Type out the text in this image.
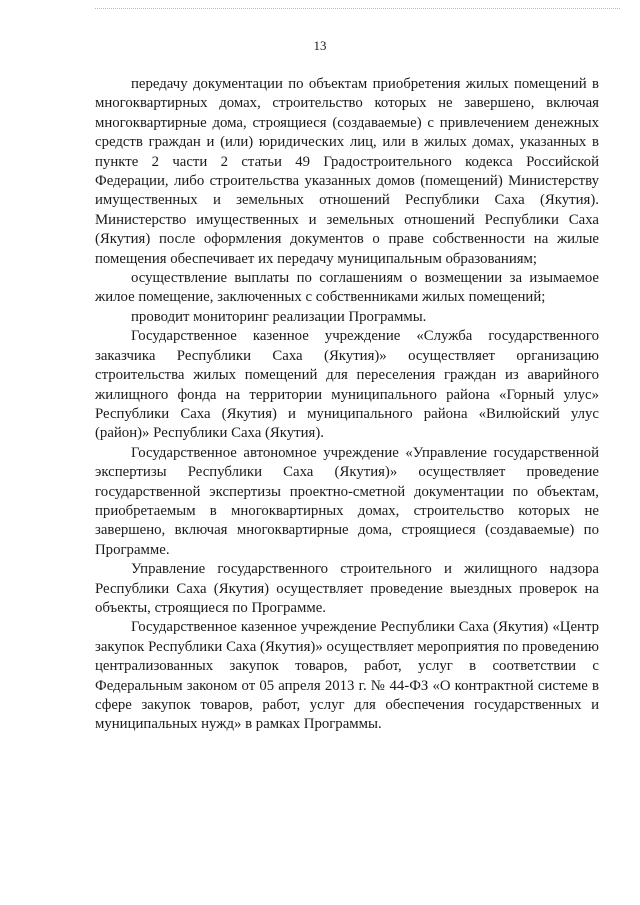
13

передачу документации по объектам приобретения жилых помещений в многоквартирных домах, строительство которых не завершено, включая многоквартирные дома, строящиеся (создаваемые) с привлечением денежных средств граждан и (или) юридических лиц, или в жилых домах, указанных в пункте 2 части 2 статьи 49 Градостроительного кодекса Российской Федерации, либо строительства указанных домов (помещений) Министерству имущественных и земельных отношений Республики Саха (Якутия). Министерство имущественных и земельных отношений Республики Саха (Якутия) после оформления документов о праве собственности на жилые помещения обеспечивает их передачу муниципальным образованиям;

осуществление выплаты по соглашениям о возмещении за изымаемое жилое помещение, заключенных с собственниками жилых помещений;

проводит мониторинг реализации Программы.

Государственное казенное учреждение «Служба государственного заказчика Республики Саха (Якутия)» осуществляет организацию строительства жилых помещений для переселения граждан из аварийного жилищного фонда на территории муниципального района «Горный улус» Республики Саха (Якутия) и муниципального района «Вилюйский улус (район)» Республики Саха (Якутия).

Государственное автономное учреждение «Управление государственной экспертизы Республики Саха (Якутия)» осуществляет проведение государственной экспертизы проектно-сметной документации по объектам, приобретаемым в многоквартирных домах, строительство которых не завершено, включая многоквартирные дома, строящиеся (создаваемые) по Программе.

Управление государственного строительного и жилищного надзора Республики Саха (Якутия) осуществляет проведение выездных проверок на объекты, строящиеся по Программе.

Государственное казенное учреждение Республики Саха (Якутия) «Центр закупок Республики Саха (Якутия)» осуществляет мероприятия по проведению централизованных закупок товаров, работ, услуг в соответствии с Федеральным законом от 05 апреля 2013 г. № 44-ФЗ «О контрактной системе в сфере закупок товаров, работ, услуг для обеспечения государственных и муниципальных нужд» в рамках Программы.
